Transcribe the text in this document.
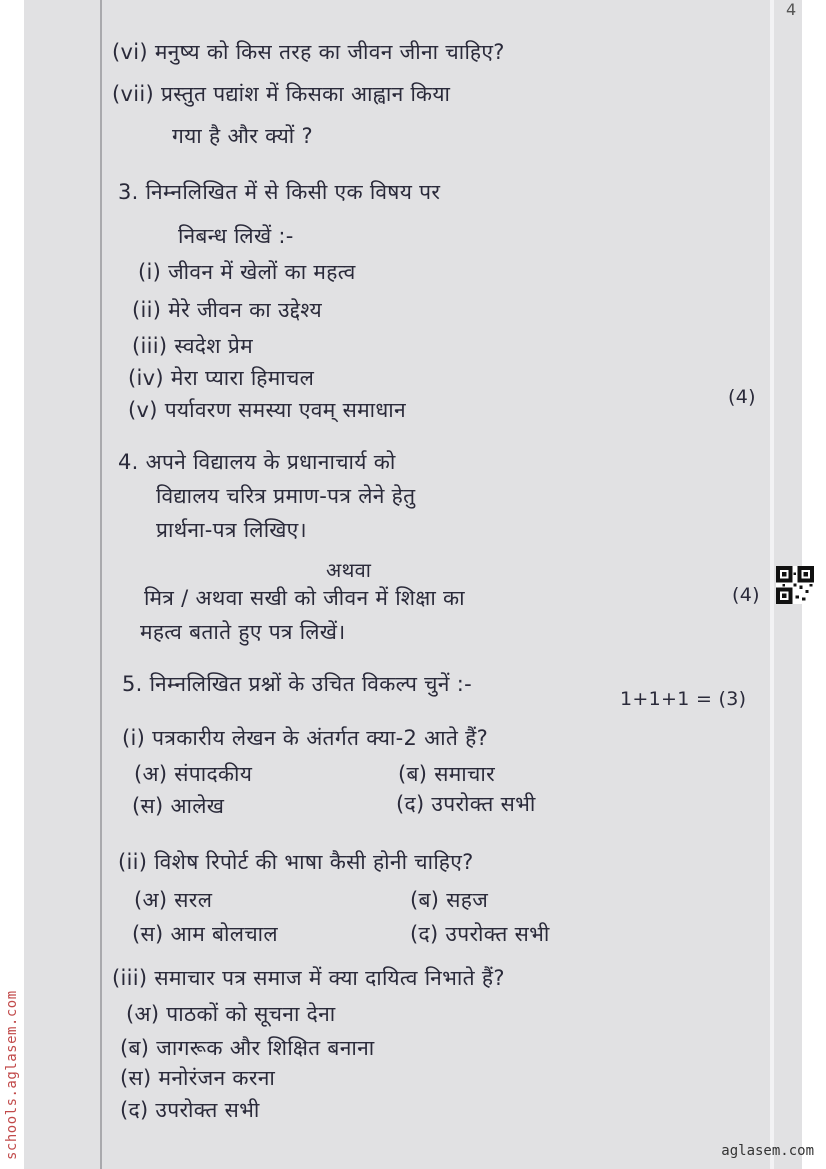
4
(vi) मनुष्य को किस तरह का जीवन जीना चाहिए?
(vii) प्रस्तुत पद्यांश में किसका आह्वान किया
गया है और क्यों ?
3. निम्नलिखित में से किसी एक विषय पर
निबन्ध लिखें :-
(i) जीवन में खेलों का महत्व
(ii) मेरे जीवन का उद्देश्य
(iii) स्वदेश प्रेम
(iv) मेरा प्यारा हिमाचल
(v) पर्यावरण समस्या एवम् समाधान
(4)
4. अपने विद्यालय के प्रधानाचार्य को
विद्यालय चरित्र प्रमाण-पत्र लेने हेतु
प्रार्थना-पत्र लिखिए।
अथवा
मित्र / अथवा सखी को जीवन में शिक्षा का	(4)
महत्व बताते हुए पत्र लिखें।
5. निम्नलिखित प्रश्नों के उचित विकल्प चुनें :-
1+1+1 = (3)
(i) पत्रकारीय लेखन के अंतर्गत क्या-2 आते हैं?
(अ) संपादकीय	(ब) समाचार
(स) आलेख	(द) उपरोक्त सभी
(ii) विशेष रिपोर्ट की भाषा कैसी होनी चाहिए?
(अ) सरल	(ब) सहज
(स) आम बोलचाल	(द) उपरोक्त सभी
(iii) समाचार पत्र समाज में क्या दायित्व निभाते हैं?
(अ) पाठकों को सूचना देना
(ब) जागरूक और शिक्षित बनाना
(स) मनोरंजन करना
(द) उपरोक्त सभी
schools.aglasem.com	aglasem.com
